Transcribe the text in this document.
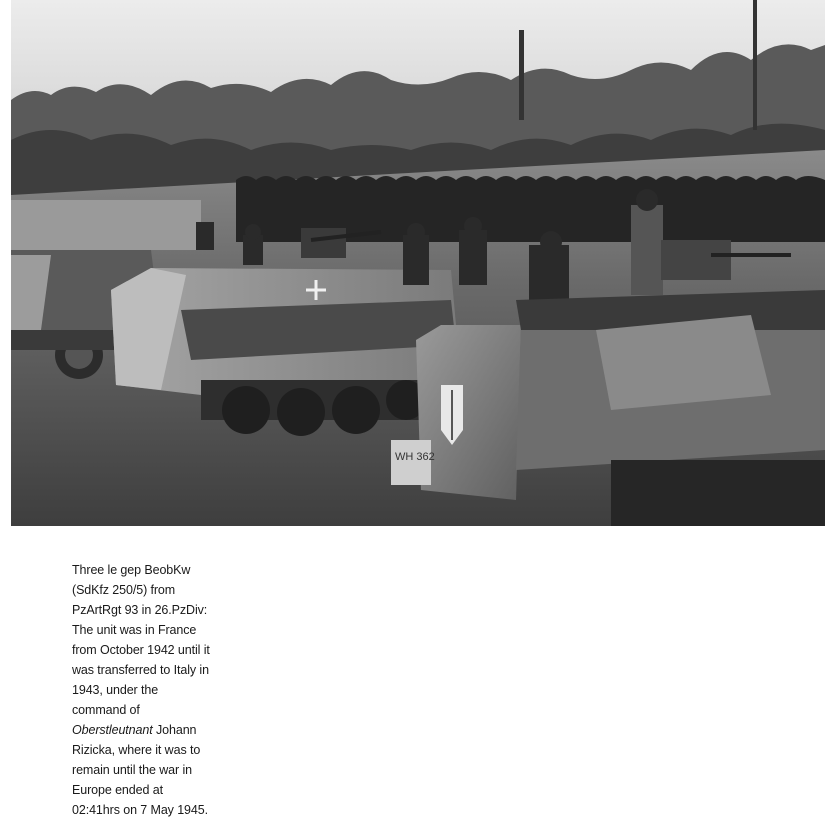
WH 362
Three le gep BeobKw (SdKfz 250/5) from PzArtRgt 93 in 26.PzDiv: The unit was in France from October 1942 until it was transferred to Italy in 1943, under the command of Oberstleutnant Johann Rizicka, where it was to remain until the war in Europe ended at 02:41hrs on 7 May 1945.
